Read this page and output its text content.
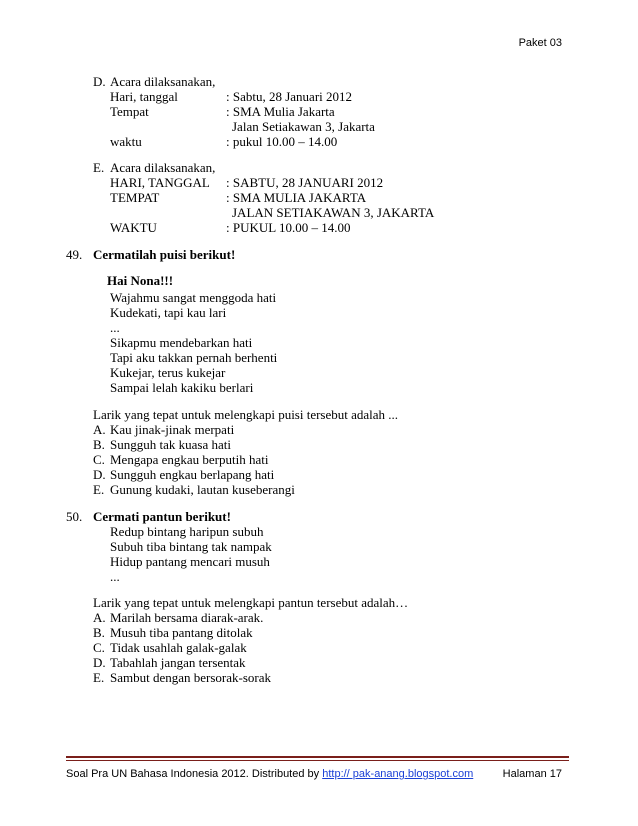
Paket 03
D. Acara dilaksanakan,
Hari, tanggal	: Sabtu, 28 Januari 2012
Tempat	: SMA Mulia Jakarta
Jalan Setiakawan 3, Jakarta
waktu	: pukul 10.00 – 14.00
E. Acara dilaksanakan,
HARI, TANGGAL : SABTU, 28 JANUARI 2012
TEMPAT	: SMA MULIA JAKARTA
JALAN SETIAKAWAN 3, JAKARTA
WAKTU	: PUKUL 10.00 – 14.00
49. Cermatilah puisi berikut!
Hai Nona!!!
Wajahmu sangat menggoda hati
Kudekati, tapi kau lari
...
Sikapmu mendebarkan hati
Tapi aku takkan pernah berhenti
Kukejar, terus kukejar
Sampai lelah kakiku berlari
Larik yang tepat untuk melengkapi puisi tersebut adalah ...
A. Kau jinak-jinak merpati
B. Sungguh tak kuasa hati
C. Mengapa engkau berputih hati
D. Sungguh engkau berlapang hati
E. Gunung kudaki, lautan kuseberangi
50. Cermati pantun berikut!
Redup bintang haripun subuh
Subuh tiba bintang tak nampak
Hidup pantang mencari musuh
...
Larik yang tepat untuk melengkapi pantun tersebut adalah…
A. Marilah bersama diarak-arak.
B. Musuh tiba pantang ditolak
C. Tidak usahlah galak-galak
D. Tabahlah jangan tersentak
E. Sambut dengan bersorak-sorak
Soal Pra UN Bahasa Indonesia 2012. Distributed by http:// pak-anang.blogspot.com	Halaman 17
